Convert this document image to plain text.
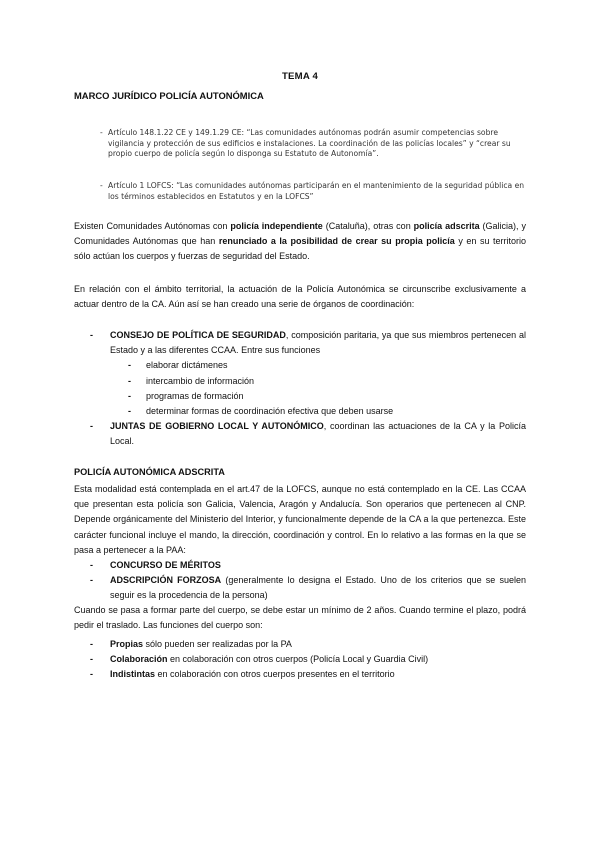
TEMA 4
MARCO JURÍDICO POLICÍA AUTONÓMICA
- Artículo 148.1.22 CE y 149.1.29 CE: “Las comunidades autónomas podrán asumir competencias sobre vigilancia y protección de sus edificios e instalaciones. La coordinación de las policías locales” y “crear su propio cuerpo de policía según lo disponga su Estatuto de Autonomía”.
- Artículo 1 LOFCS: “Las comunidades autónomas participarán en el mantenimiento de la seguridad pública en los términos establecidos en Estatutos y en la LOFCS”
Existen Comunidades Autónomas con policía independiente (Cataluña), otras con policía adscrita (Galicia), y Comunidades Autónomas que han renunciado a la posibilidad de crear su propia policía y en su territorio sólo actúan los cuerpos y fuerzas de seguridad del Estado.
En relación con el ámbito territorial, la actuación de la Policía Autonómica se circunscribe exclusivamente a actuar dentro de la CA. Aún así se han creado una serie de órganos de coordinación:
- CONSEJO DE POLÍTICA DE SEGURIDAD, composición paritaria, ya que sus miembros pertenecen al Estado y a las diferentes CCAA. Entre sus funciones
- elaborar dictámenes
- intercambio de información
- programas de formación
- determinar formas de coordinación efectiva que deben usarse
- JUNTAS DE GOBIERNO LOCAL Y AUTONÓMICO, coordinan las actuaciones de la CA y la Policía Local.
POLICÍA AUTONÓMICA ADSCRITA
Esta modalidad está contemplada en el art.47 de la LOFCS, aunque no está contemplado en la CE. Las CCAA que presentan esta policía son Galicia, Valencia, Aragón y Andalucía. Son operarios que pertenecen al CNP. Depende orgánicamente del Ministerio del Interior, y funcionalmente depende de la CA a la que pertenezca. Este carácter funcional incluye el mando, la dirección, coordinación y control. En lo relativo a las formas en la que se pasa a pertenecer a la PAA:
- CONCURSO DE MÉRITOS
- ADSCRIPCIÓN FORZOSA (generalmente lo designa el Estado. Uno de los criterios que se suelen seguir es la procedencia de la persona)
Cuando se pasa a formar parte del cuerpo, se debe estar un mínimo de 2 años. Cuando termine el plazo, podrá pedir el traslado. Las funciones del cuerpo son:
- Propias sólo pueden ser realizadas por la PA
- Colaboración en colaboración con otros cuerpos (Policía Local y Guardia Civil)
- Indistintas en colaboración con otros cuerpos presentes en el territorio
